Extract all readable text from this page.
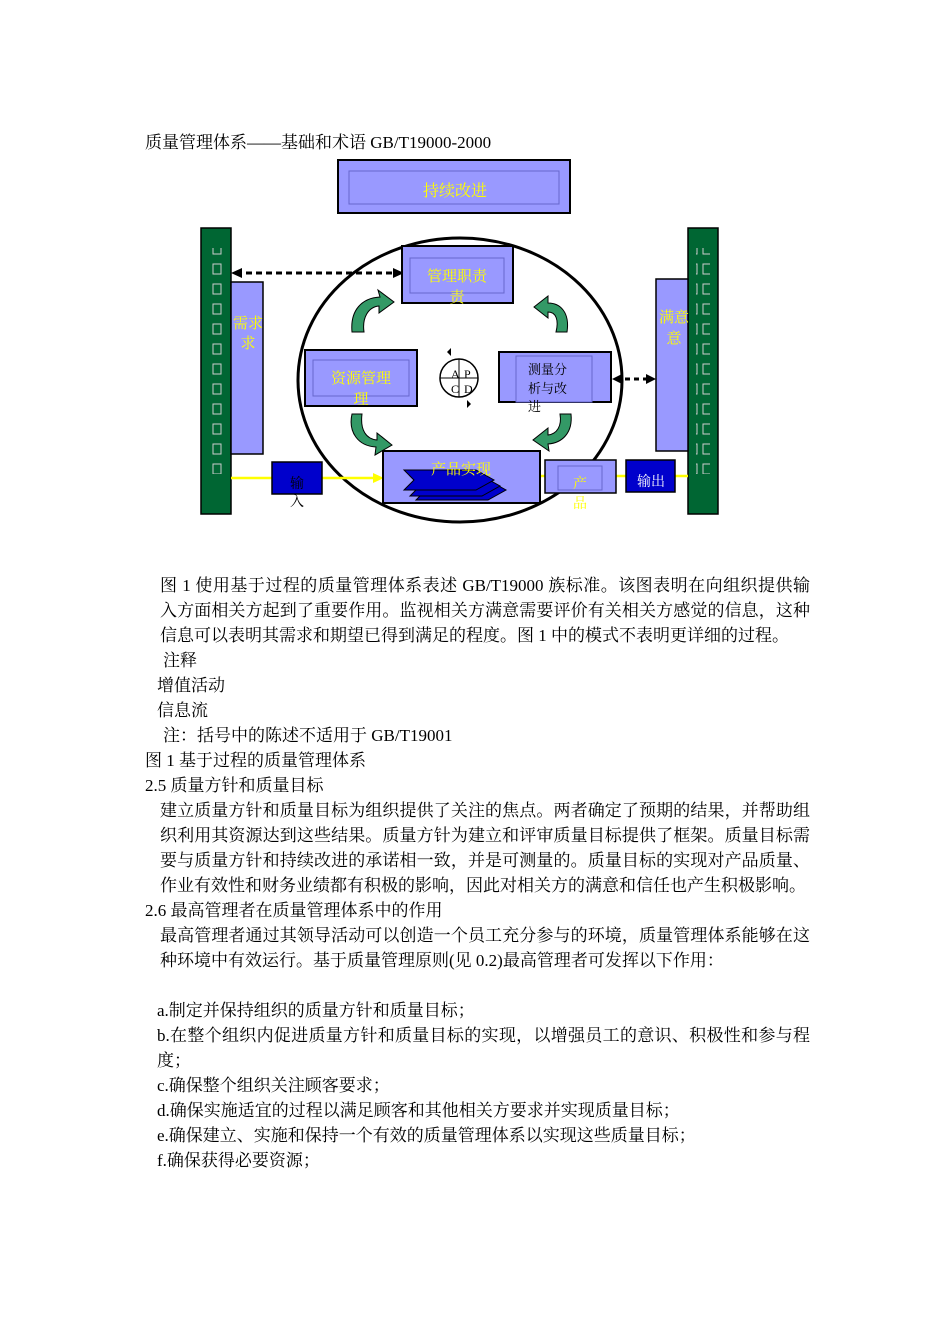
质量管理体系——基础和术语 GB/T19000-2000
持续改进
需求
求
满意
意
管理职责
责
资源管理
理
测量分
析与改
进
A P
C D
输
入
产品实现
产
品
输出

图 1 使用基于过程的质量管理体系表述 GB/T19000 族标准。该图表明在向组织提供输入方面相关方起到了重要作用。监视相关方满意需要评价有关相关方感觉的信息，这种信息可以表明其需求和期望已得到满足的程度。图 1 中的模式不表明更详细的过程。

注释

增值活动

信息流

注：括号中的陈述不适用于 GB/T19001

图 1 基于过程的质量管理体系

2.5 质量方针和质量目标

建立质量方针和质量目标为组织提供了关注的焦点。两者确定了预期的结果，并帮助组织利用其资源达到这些结果。质量方针为建立和评审质量目标提供了框架。质量目标需要与质量方针和持续改进的承诺相一致，并是可测量的。质量目标的实现对产品质量、作业有效性和财务业绩都有积极的影响，因此对相关方的满意和信任也产生积极影响。

2.6 最高管理者在质量管理体系中的作用

最高管理者通过其领导活动可以创造一个员工充分参与的环境，质量管理体系能够在这种环境中有效运行。基于质量管理原则(见 0.2)最高管理者可发挥以下作用：

a.制定并保持组织的质量方针和质量目标；

b.在整个组织内促进质量方针和质量目标的实现，以增强员工的意识、积极性和参与程度；

c.确保整个组织关注顾客要求；

d.确保实施适宜的过程以满足顾客和其他相关方要求并实现质量目标；

e.确保建立、实施和保持一个有效的质量管理体系以实现这些质量目标；

f.确保获得必要资源；
